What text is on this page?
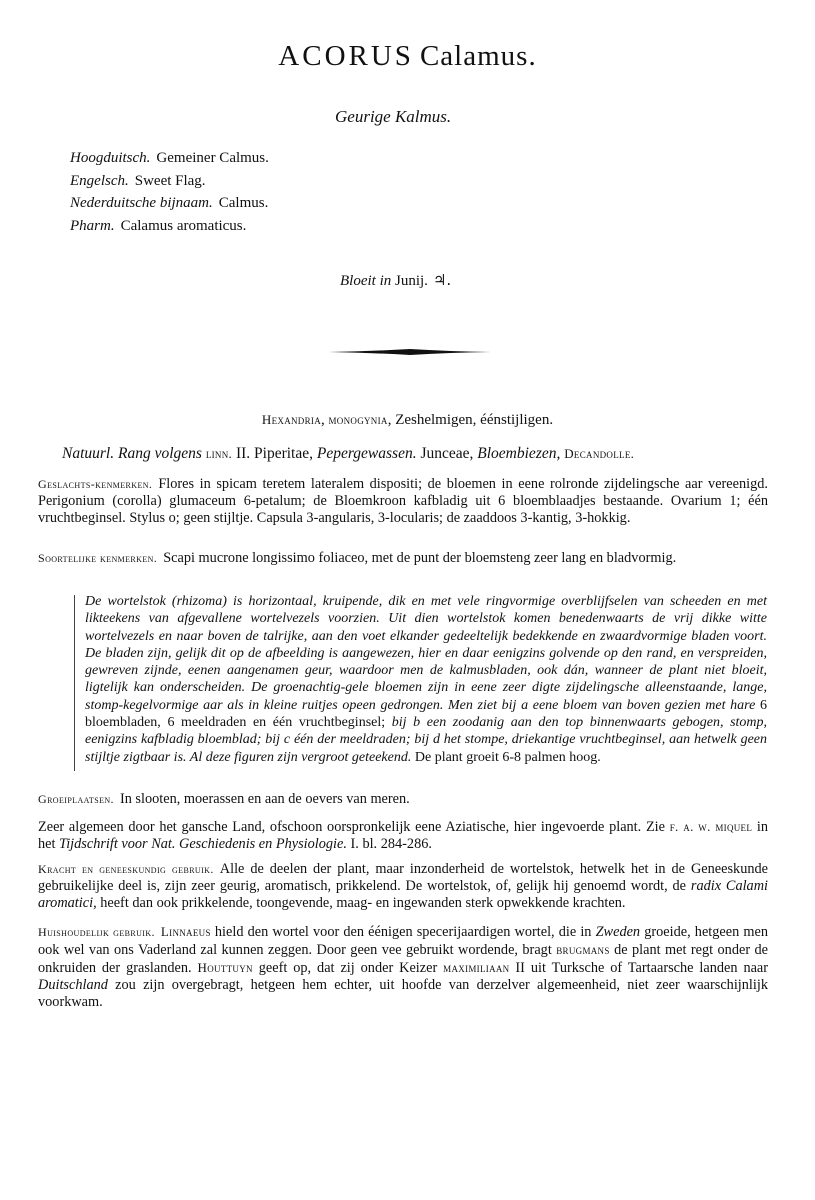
ACORUS Calamus.
Geurige Kalmus.
Hoogduitsch. Gemeiner Calmus.
Engelsch. Sweet Flag.
Nederduitsche bijnaam. Calmus.
Pharm. Calamus aromaticus.
Bloeit in Junij. ♃.
Hexandria, monogynia, Zeshelmigen, éénstijligen.
Natuurl. Rang volgens linn. II. Piperitae, Pepergewassen. Junceae, Bloembiezen, Decandolle.
Geslachts-kenmerken. Flores in spicam teretem lateralem dispositi; de bloemen in eene rolronde zijdelingsche aar vereenigd. Perigonium (corolla) glumaceum 6-petalum; de Bloemkroon kafbladig uit 6 bloemblaadjes bestaande. Ovarium 1; één vruchtbeginsel. Stylus o; geen stijltje. Capsula 3-angularis, 3-locularis; de zaaddoos 3-kantig, 3-hokkig.
Soortelijke kenmerken. Scapi mucrone longissimo foliaceo, met de punt der bloemsteng zeer lang en bladvormig.
De wortelstok (rhizoma) is horizontaal, kruipende, dik en met vele ringvormige overblijfselen van scheeden en met likteekens van afgevallene wortelvezels voorzien. Uit dien wortelstok komen benedenwaarts de vrij dikke witte wortelvezels en naar boven de talrijke, aan den voet elkander gedeeltelijk bedekkende en zwaardvormige bladen voort. De bladen zijn, gelijk dit op de afbeelding is aangewezen, hier en daar eenigzins golvende op den rand, en verspreiden, gewreven zijnde, eenen aangenamen geur, waardoor men de kalmusbladen, ook dán, wanneer de plant niet bloeit, ligtelijk kan onderscheiden. De groenachtig-gele bloemen zijn in eene zeer digte zijdelingsche alleenstaande, lange, stomp-kegelvormige aar als in kleine ruitjes opeen gedrongen. Men ziet bij a eene bloem van boven gezien met hare 6 bloembladen, 6 meeldraden en één vruchtbeginsel; bij b een zoodanig aan den top binnenwaarts gebogen, stomp, eenigzins kafbladig bloemblad; bij c één der meeldraden; bij d het stompe, driekantige vruchtbeginsel, aan hetwelk geen stijltje zigtbaar is. Al deze figuren zijn vergroot geteekend. De plant groeit 6-8 palmen hoog.
Groeiplaatsen. In slooten, moerassen en aan de oevers van meren.
Zeer algemeen door het gansche Land, ofschoon oorspronkelijk eene Aziatische, hier ingevoerde plant. Zie f. a. w. miquel in het Tijdschrift voor Nat. Geschiedenis en Physiologie. I. bl. 284-286.
Kracht en geneeskundig gebruik. Alle de deelen der plant, maar inzonderheid de wortelstok, hetwelk het in de Geneeskunde gebruikelijke deel is, zijn zeer geurig, aromatisch, prikkelend. De wortelstok, of, gelijk hij genoemd wordt, de radix Calami aromatici, heeft dan ook prikkelende, toongevende, maag- en ingewanden sterk opwekkende krachten.
Huishoudelijk gebruik. Linnaeus hield den wortel voor den éénigen specerijaardigen wortel, die in Zweden groeide, hetgeen men ook wel van ons Vaderland zal kunnen zeggen. Door geen vee gebruikt wordende, bragt brugmans de plant met regt onder de onkruiden der graslanden. Houttuyn geeft op, dat zij onder Keizer maximiliaan II uit Turksche of Tartaarsche landen naar Duitschland zou zijn overgebragt, hetgeen hem echter, uit hoofde van derzelver algemeenheid, niet zeer waarschijnlijk voorkwam.
